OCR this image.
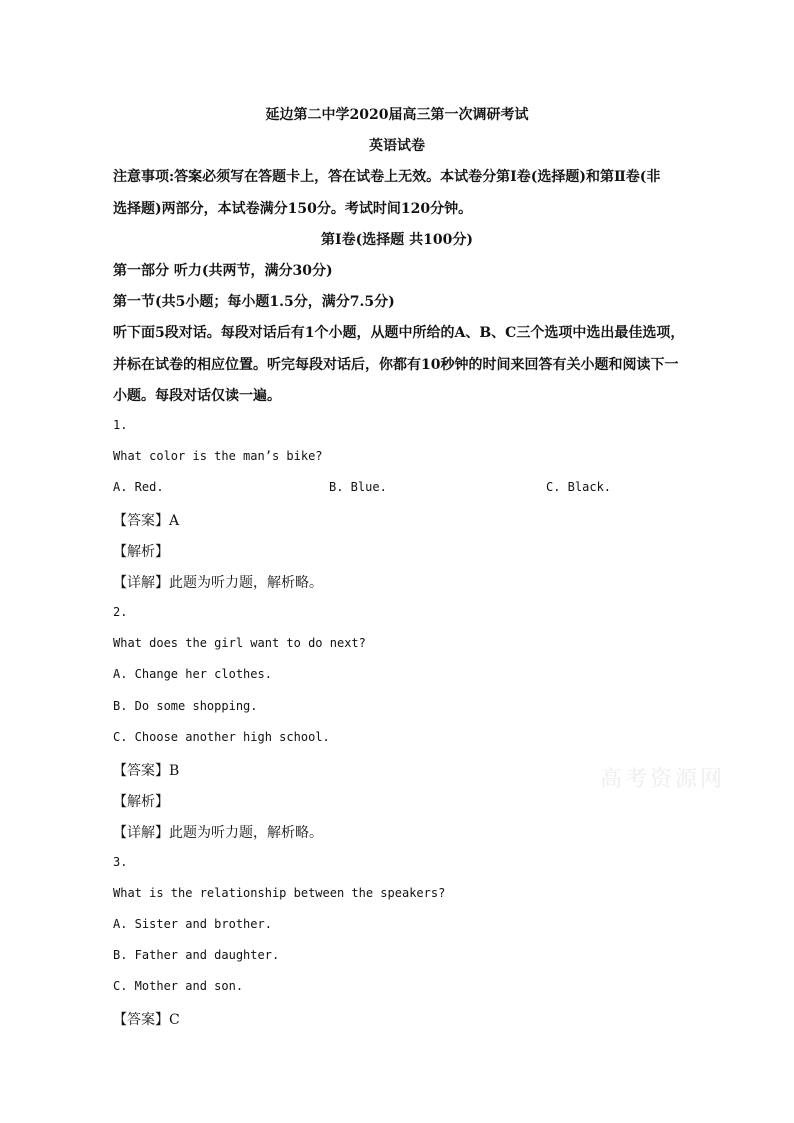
延边第二中学2020届高三第一次调研考试
英语试卷
注意事项:答案必须写在答题卡上，答在试卷上无效。本试卷分第Ⅰ卷(选择题)和第Ⅱ卷(非
选择题)两部分，本试卷满分150分。考试时间120分钟。
第Ⅰ卷(选择题 共100分)
第一部分 听力(共两节，满分30分)
第一节(共5小题；每小题1.5分，满分7.5分)
听下面5段对话。每段对话后有1个小题，从题中所给的A、B、C三个选项中选出最佳选项，
并标在试卷的相应位置。听完每段对话后，你都有10秒钟的时间来回答有关小题和阅读下一
小题。每段对话仅读一遍。
1.
What color is the man’s bike?
A. Red.	B. Blue.	C. Black.
【答案】A
【解析】
【详解】此题为听力题，解析略。
2.
What does the girl want to do next?
A. Change her clothes.
B. Do some shopping.
C. Choose another high school.
【答案】B
【解析】
【详解】此题为听力题，解析略。
3.
What is the relationship between the speakers?
A. Sister and brother.
B. Father and daughter.
C. Mother and son.
【答案】C
高考资源网
